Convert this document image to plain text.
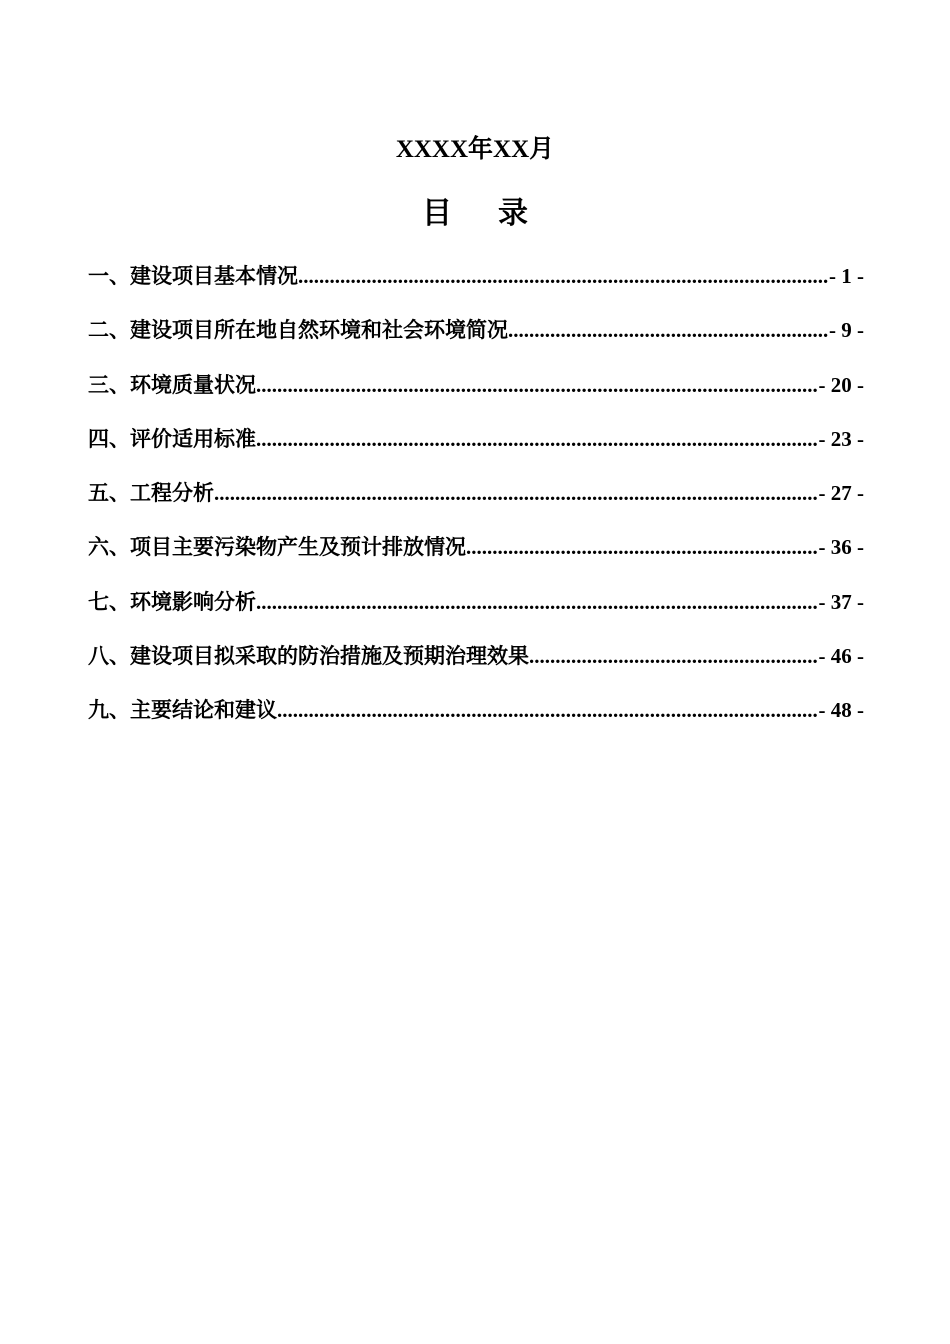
XXXX年XX月
目 录
一、建设项目基本情况 .....	- 1 -
二、建设项目所在地自然环境和社会环境简况 .....	- 9 -
三、环境质量状况 .....	- 20 -
四、评价适用标准 .....	- 23 -
五、工程分析 .....	- 27 -
六、项目主要污染物产生及预计排放情况 .....	- 36 -
七、环境影响分析 .....	- 37 -
八、建设项目拟采取的防治措施及预期治理效果 .....	- 46 -
九、主要结论和建议 .....	- 48 -
